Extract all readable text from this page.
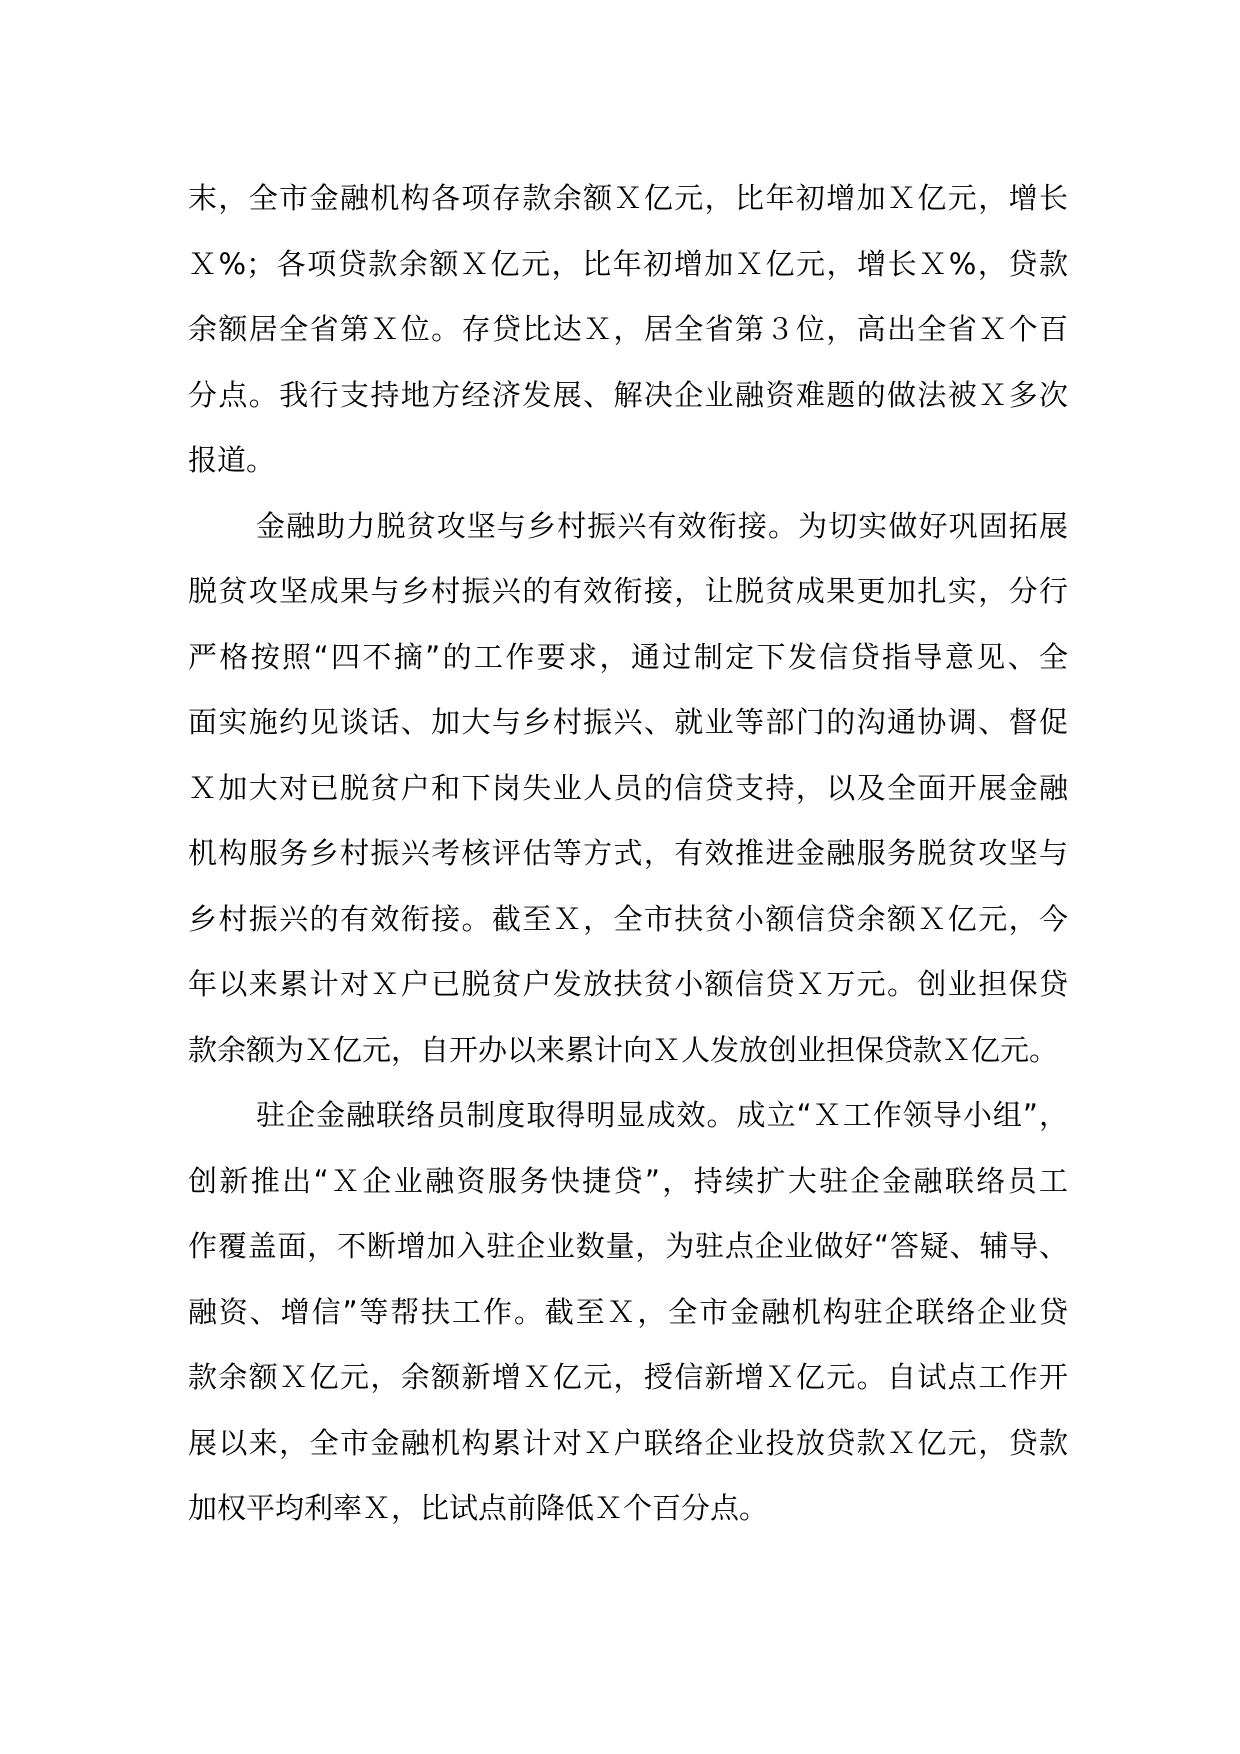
末，全市金融机构各项存款余额Ｘ亿元，比年初增加Ｘ亿元，增长
Ｘ%；各项贷款余额Ｘ亿元，比年初增加Ｘ亿元，增长Ｘ%，贷款
余额居全省第Ｘ位。存贷比达Ｘ，居全省第３位，高出全省Ｘ个百
分点。我行支持地方经济发展、解决企业融资难题的做法被Ｘ多次
报道。
金融助力脱贫攻坚与乡村振兴有效衔接。为切实做好巩固拓展
脱贫攻坚成果与乡村振兴的有效衔接，让脱贫成果更加扎实，分行
严格按照“四不摘”的工作要求，通过制定下发信贷指导意见、全
面实施约见谈话、加大与乡村振兴、就业等部门的沟通协调、督促
Ｘ加大对已脱贫户和下岗失业人员的信贷支持，以及全面开展金融
机构服务乡村振兴考核评估等方式，有效推进金融服务脱贫攻坚与
乡村振兴的有效衔接。截至Ｘ，全市扶贫小额信贷余额Ｘ亿元，今
年以来累计对Ｘ户已脱贫户发放扶贫小额信贷Ｘ万元。创业担保贷
款余额为Ｘ亿元，自开办以来累计向Ｘ人发放创业担保贷款Ｘ亿元。
驻企金融联络员制度取得明显成效。成立“Ｘ工作领导小组”，
创新推出“Ｘ企业融资服务快捷贷”，持续扩大驻企金融联络员工
作覆盖面，不断增加入驻企业数量，为驻点企业做好“答疑、辅导、
融资、增信”等帮扶工作。截至Ｘ，全市金融机构驻企联络企业贷
款余额Ｘ亿元，余额新增Ｘ亿元，授信新增Ｘ亿元。自试点工作开
展以来，全市金融机构累计对Ｘ户联络企业投放贷款Ｘ亿元，贷款
加权平均利率Ｘ，比试点前降低Ｘ个百分点。
